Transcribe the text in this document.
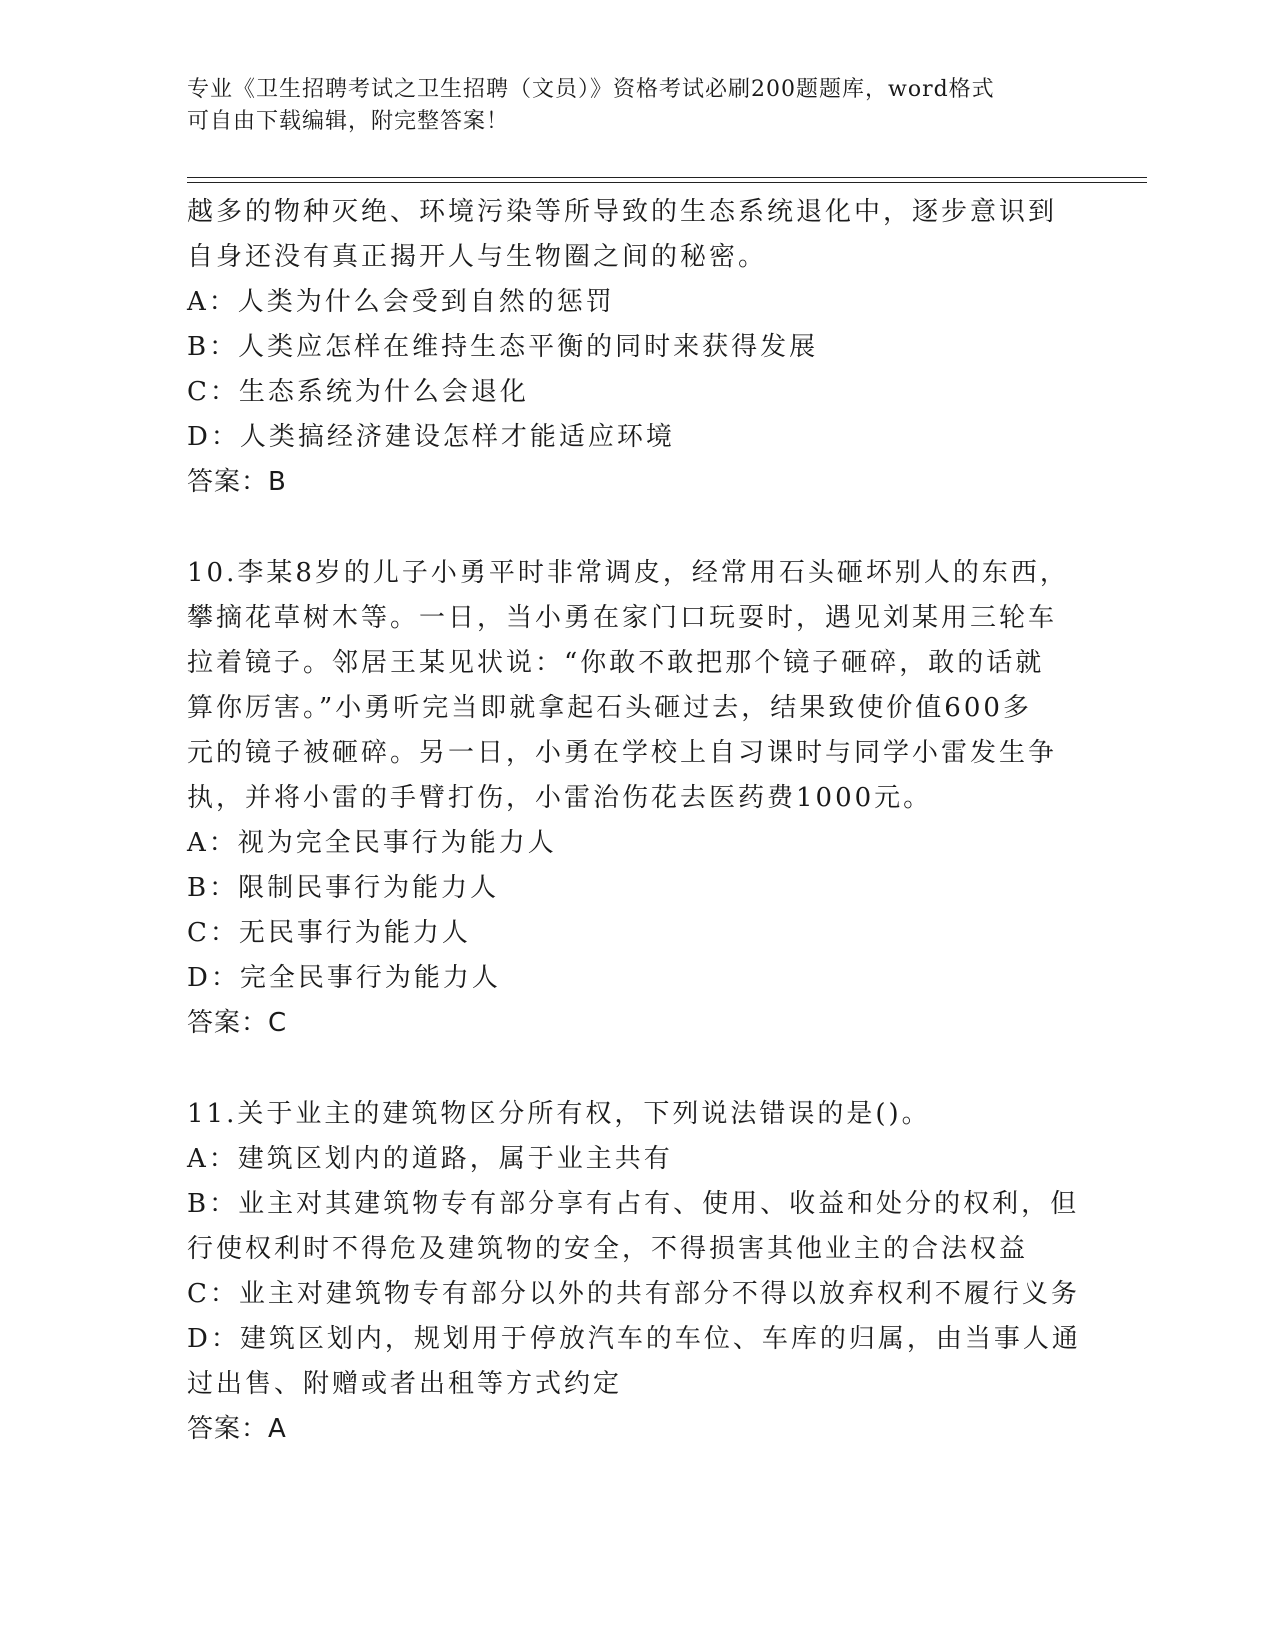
专业《卫生招聘考试之卫生招聘（文员）》资格考试必刷200题题库，word格式
可自由下载编辑，附完整答案！
越多的物种灭绝、环境污染等所导致的生态系统退化中，逐步意识到
自身还没有真正揭开人与生物圈之间的秘密。
A：人类为什么会受到自然的惩罚
B：人类应怎样在维持生态平衡的同时来获得发展
C：生态系统为什么会退化
D：人类搞经济建设怎样才能适应环境
答案：B
10.李某8岁的儿子小勇平时非常调皮，经常用石头砸坏别人的东西，
攀摘花草树木等。一日，当小勇在家门口玩耍时，遇见刘某用三轮车
拉着镜子。邻居王某见状说：“你敢不敢把那个镜子砸碎，敢的话就
算你厉害。”小勇听完当即就拿起石头砸过去，结果致使价值600多
元的镜子被砸碎。另一日，小勇在学校上自习课时与同学小雷发生争
执，并将小雷的手臂打伤，小雷治伤花去医药费1000元。
A：视为完全民事行为能力人
B：限制民事行为能力人
C：无民事行为能力人
D：完全民事行为能力人
答案：C
11.关于业主的建筑物区分所有权，下列说法错误的是()。
A：建筑区划内的道路，属于业主共有
B：业主对其建筑物专有部分享有占有、使用、收益和处分的权利，但
行使权利时不得危及建筑物的安全，不得损害其他业主的合法权益
C：业主对建筑物专有部分以外的共有部分不得以放弃权利不履行义务
D：建筑区划内，规划用于停放汽车的车位、车库的归属，由当事人通
过出售、附赠或者出租等方式约定
答案：A
